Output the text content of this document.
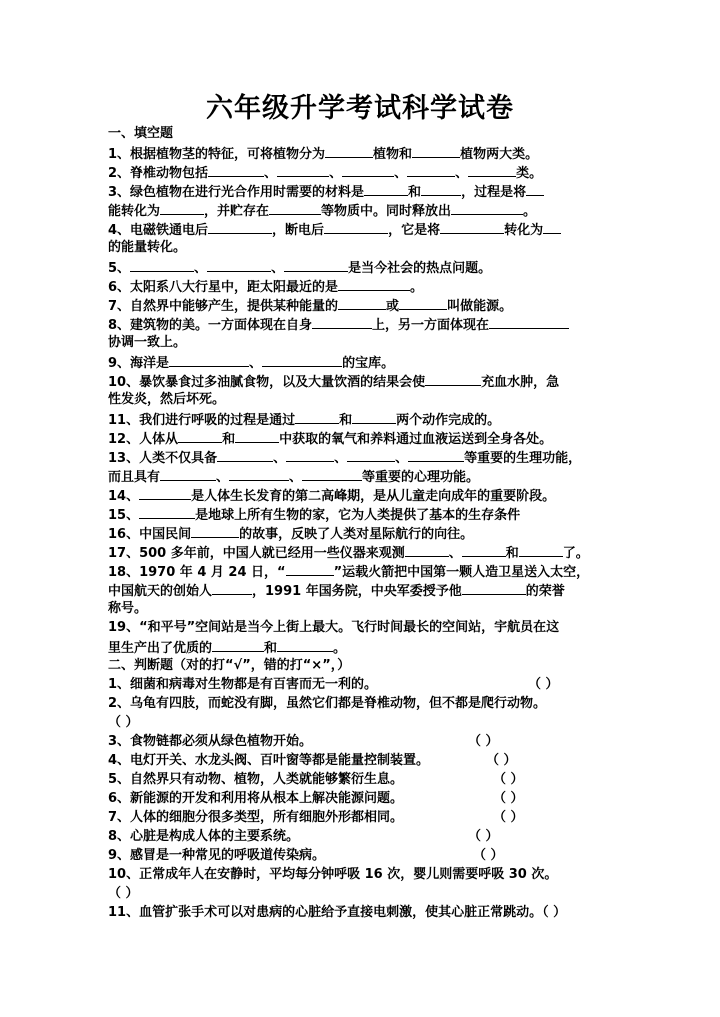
六年级升学考试科学试卷
一、填空题
1、根据植物茎的特征，可将植物分为	植物和	植物两大类。
2、脊椎动物包括	、	、	、	、	类。
3、绿色植物在进行光合作用时需要的材料是	和	，过程是将
能转化为	，并贮存在	等物质中。同时释放出	。
4、电磁铁通电后	，断电后	，它是将	转化为
的能量转化。
5、	、	、	是当今社会的热点问题。
6、太阳系八大行星中，距太阳最近的是	。
7、自然界中能够产生，提供某种能量的	或	叫做能源。
8、建筑物的美。一方面体现在自身	上，另一方面体现在
协调一致上。
9、海洋是	、	的宝库。
10、暴饮暴食过多油腻食物，以及大量饮酒的结果会使	充血水肿，急
性发炎，然后坏死。
11、我们进行呼吸的过程是通过	和	两个动作完成的。
12、人体从	和	中获取的氧气和养料通过血液运送到全身各处。
13、人类不仅具备	、	、	、	等重要的生理功能，
而且具有	、	、	等重要的心理功能。
14、	是人体生长发育的第二高峰期，是从儿童走向成年的重要阶段。
15、	是地球上所有生物的家，它为人类提供了基本的生存条件
16、中国民间	的故事，反映了人类对星际航行的向往。
17、500 多年前，中国人就已经用一些仪器来观测	、	和	了。
18、1970 年 4 月 24 日，“	”运载火箭把中国第一颗人造卫星送入太空，
中国航天的创始人	，1991 年国务院，中央军委授予他	的荣誉
称号。
19、“和平号”空间站是当今上街上最大。飞行时间最长的空间站，宇航员在这
里生产出了优质的	和	。
二、判断题（对的打“√”，错的打“×”，）
1、细菌和病毒对生物都是有百害而无一利的。	（ ）
2、乌龟有四肢，而蛇没有脚，虽然它们都是脊椎动物，但不都是爬行动物。
（ ）
3、食物链都必须从绿色植物开始。	（ ）
4、电灯开关、水龙头阀、百叶窗等都是能量控制装置。	（ ）
5、自然界只有动物、植物，人类就能够繁衍生息。	（ ）
6、新能源的开发和利用将从根本上解决能源问题。	（ ）
7、人体的细胞分很多类型，所有细胞外形都相同。	（ ）
8、心脏是构成人体的主要系统。	（ ）
9、感冒是一种常见的呼吸道传染病。	（ ）
10、正常成年人在安静时，平均每分钟呼吸 16 次，婴儿则需要呼吸 30 次。
（ ）
11、血管扩张手术可以对患病的心脏给予直接电刺激，使其心脏正常跳动。（ ）
